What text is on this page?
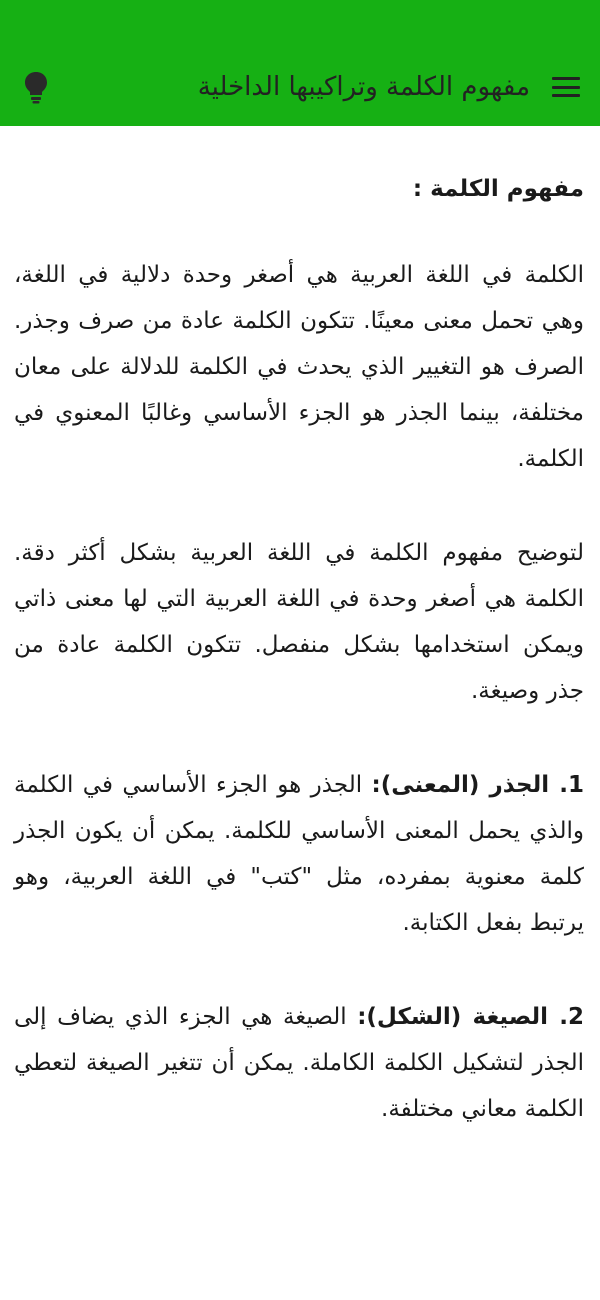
مفهوم الكلمة وتراكيبها الداخلية
مفهوم الكلمة :

الكلمة في اللغة العربية هي أصغر وحدة دلالية في اللغة، وهي تحمل معنى معينًا. تتكون الكلمة عادة من صرف وجذر. الصرف هو التغيير الذي يحدث في الكلمة للدلالة على معان مختلفة، بينما الجذر هو الجزء الأساسي وغالبًا المعنوي في الكلمة.

لتوضيح مفهوم الكلمة في اللغة العربية بشكل أكثر دقة. الكلمة هي أصغر وحدة في اللغة العربية التي لها معنى ذاتي ويمكن استخدامها بشكل منفصل. تتكون الكلمة عادة من جذر وصيغة.

1. الجذر (المعنى): الجذر هو الجزء الأساسي في الكلمة والذي يحمل المعنى الأساسي للكلمة. يمكن أن يكون الجذر كلمة معنوية بمفرده، مثل "كتب" في اللغة العربية، وهو يرتبط بفعل الكتابة.

2. الصيغة (الشكل): الصيغة هي الجزء الذي يضاف إلى الجذر لتشكيل الكلمة الكاملة. يمكن أن تتغير الصيغة لتعطي الكلمة معاني مختلفة.
